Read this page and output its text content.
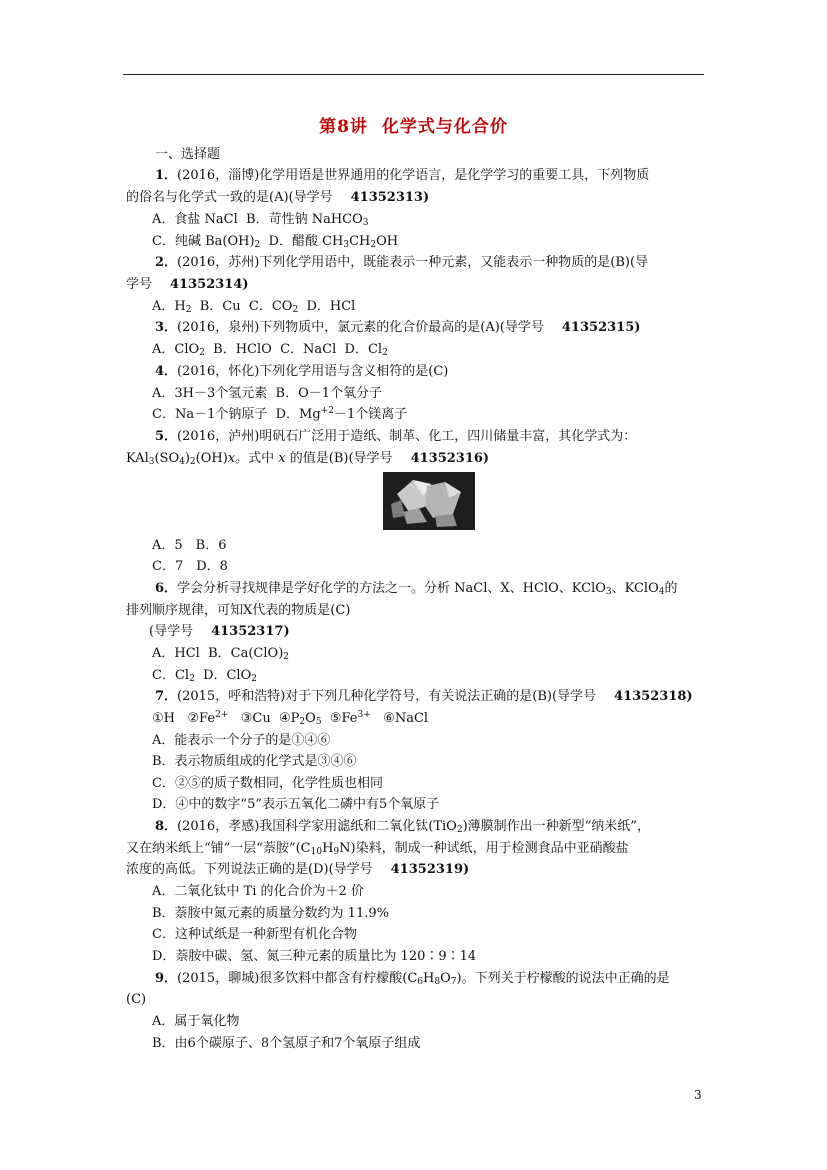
第8讲 化学式与化合价
一、选择题
1．(2016，淄博)化学用语是世界通用的化学语言，是化学学习的重要工具，下列物质
的俗名与化学式一致的是(A)(导学号 41352313)
A．食盐 NaCl B．苛性钠 NaHCO$_3$
C．纯碱 $Ba(OH)_2$ D．醋酸 $CH_3CH_2OH$
2．(2016，苏州)下列化学用语中，既能表示一种元素，又能表示一种物质的是(B)(导
学号 41352314)
A．$H_2$ B．Cu C．$CO_2$ D．HCl
3．(2016，泉州)下列物质中，氯元素的化合价最高的是(A)(导学号 41352315)
A．ClO$_2$ B．HClO C．NaCl D．$Cl_2$
4．(2016，怀化)下列化学用语与含义相符的是(C)
A．3H－3个氢元素 B．O－1个氧分子
C．Na－1个钠原子 D．$Mg^{+2}-1$个镁离子
5．(2016，泸州)明矾石广泛用于造纸、制革、化工，四川储量丰富，其化学式为：
$KAl_3(SO_4)_2(OH)x$。式中 x 的值是(B)(导学号 41352316)
A．5　B．6
C．7　D．8
6．学会分析寻找规律是学好化学的方法之一。分析 NaCl、X、HClO、KClO$_3$、KClO$_4$的
排列顺序规律，可知X代表的物质是(C)
(导学号 41352317)
A．HCl B．$Ca(ClO)_2$
C．$Cl_2$ D．ClO$_2$
7．(2015，呼和浩特)对于下列几种化学符号，有关说法正确的是(B)(导学号 41352318)
①H $②Fe^{2+}$ ③Cu $④P_2O_5$ $⑤Fe^{3+}$ ⑥NaCl
A．能表示一个分子的是①④⑥
B．表示物质组成的化学式是③④⑥
C．②⑤的质子数相同，化学性质也相同
D．④中的数字“5”表示五氧化二磷中有5个氧原子
8．(2016，孝感)我国科学家用滤纸和二氧化钛(TiO$_2$)薄膜制作出一种新型“纳米纸”，
又在纳米纸上“铺”一层“萘胺$”(C_{10}H_9N)$染料，制成一种试纸，用于检测食品中亚硝酸盐
浓度的高低。下列说法正确的是(D)(导学号 41352319)
A．二氧化钛中 Ti 的化合价为＋2 价
B．萘胺中氮元素的质量分数约为 11.9%
C．这种试纸是一种新型有机化合物
D．萘胺中碳、氢、氮三种元素的质量比为 120∶9∶14
9．(2015，聊城)很多饮料中都含有柠檬酸$(C_6H_8O_7)$。下列关于柠檬酸的说法中正确的是
(C)
A．属于氧化物
B．由6个碳原子、8个氢原子和7个氧原子组成
3
